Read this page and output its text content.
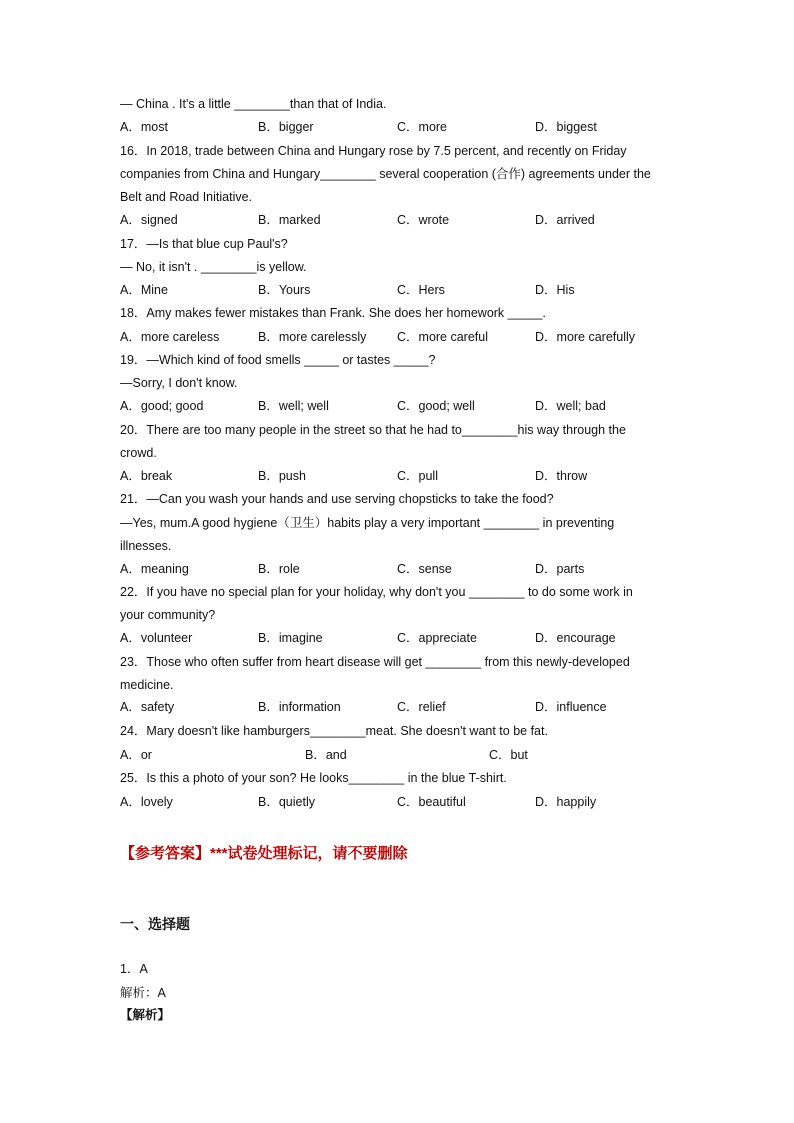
— China . It's a little ________than that of India.
A．most	B．bigger	C．more	D．biggest
16．In 2018, trade between China and Hungary rose by 7.5 percent, and recently on Friday
companies from China and Hungary________ several cooperation (合作) agreements under the
Belt and Road Initiative.
A．signed	B．marked	C．wrote	D．arrived
17．—Is that blue cup Paul's?
— No, it isn't . ________is yellow.
A．Mine	B．Yours	C．Hers	D．His
18．Amy makes fewer mistakes than Frank. She does her homework _____.
A．more careless	B．more carelessly C．more careful	D．more carefully
19．—Which kind of food smells _____ or tastes _____?
—Sorry, I don't know.
A．good; good	B．well; well	C．good; well	D．well; bad
20．There are too many people in the street so that he had to________his way through the
crowd.
A．break	B．push	C．pull	D．throw
21．—Can you wash your hands and use serving chopsticks to take the food?
—Yes, mum.A good hygiene（卫生）habits play a very important ________ in preventing
illnesses.
A．meaning	B．role	C．sense	D．parts
22．If you have no special plan for your holiday, why don't you ________ to do some work in
your community?
A．volunteer	B．imagine	C．appreciate	D．encourage
23．Those who often suffer from heart disease will get ________ from this newly-developed
medicine.
A．safety	B．information	C．relief	D．influence
24．Mary doesn't like hamburgers________meat. She doesn't want to be fat.
A．or	B．and	C．but
25．Is this a photo of your son? He looks________ in the blue T-shirt.
A．lovely	B．quietly	C．beautiful	D．happily
【参考答案】***试卷处理标记，请不要删除
一、选择题
1．A
解析：A
【解析】
